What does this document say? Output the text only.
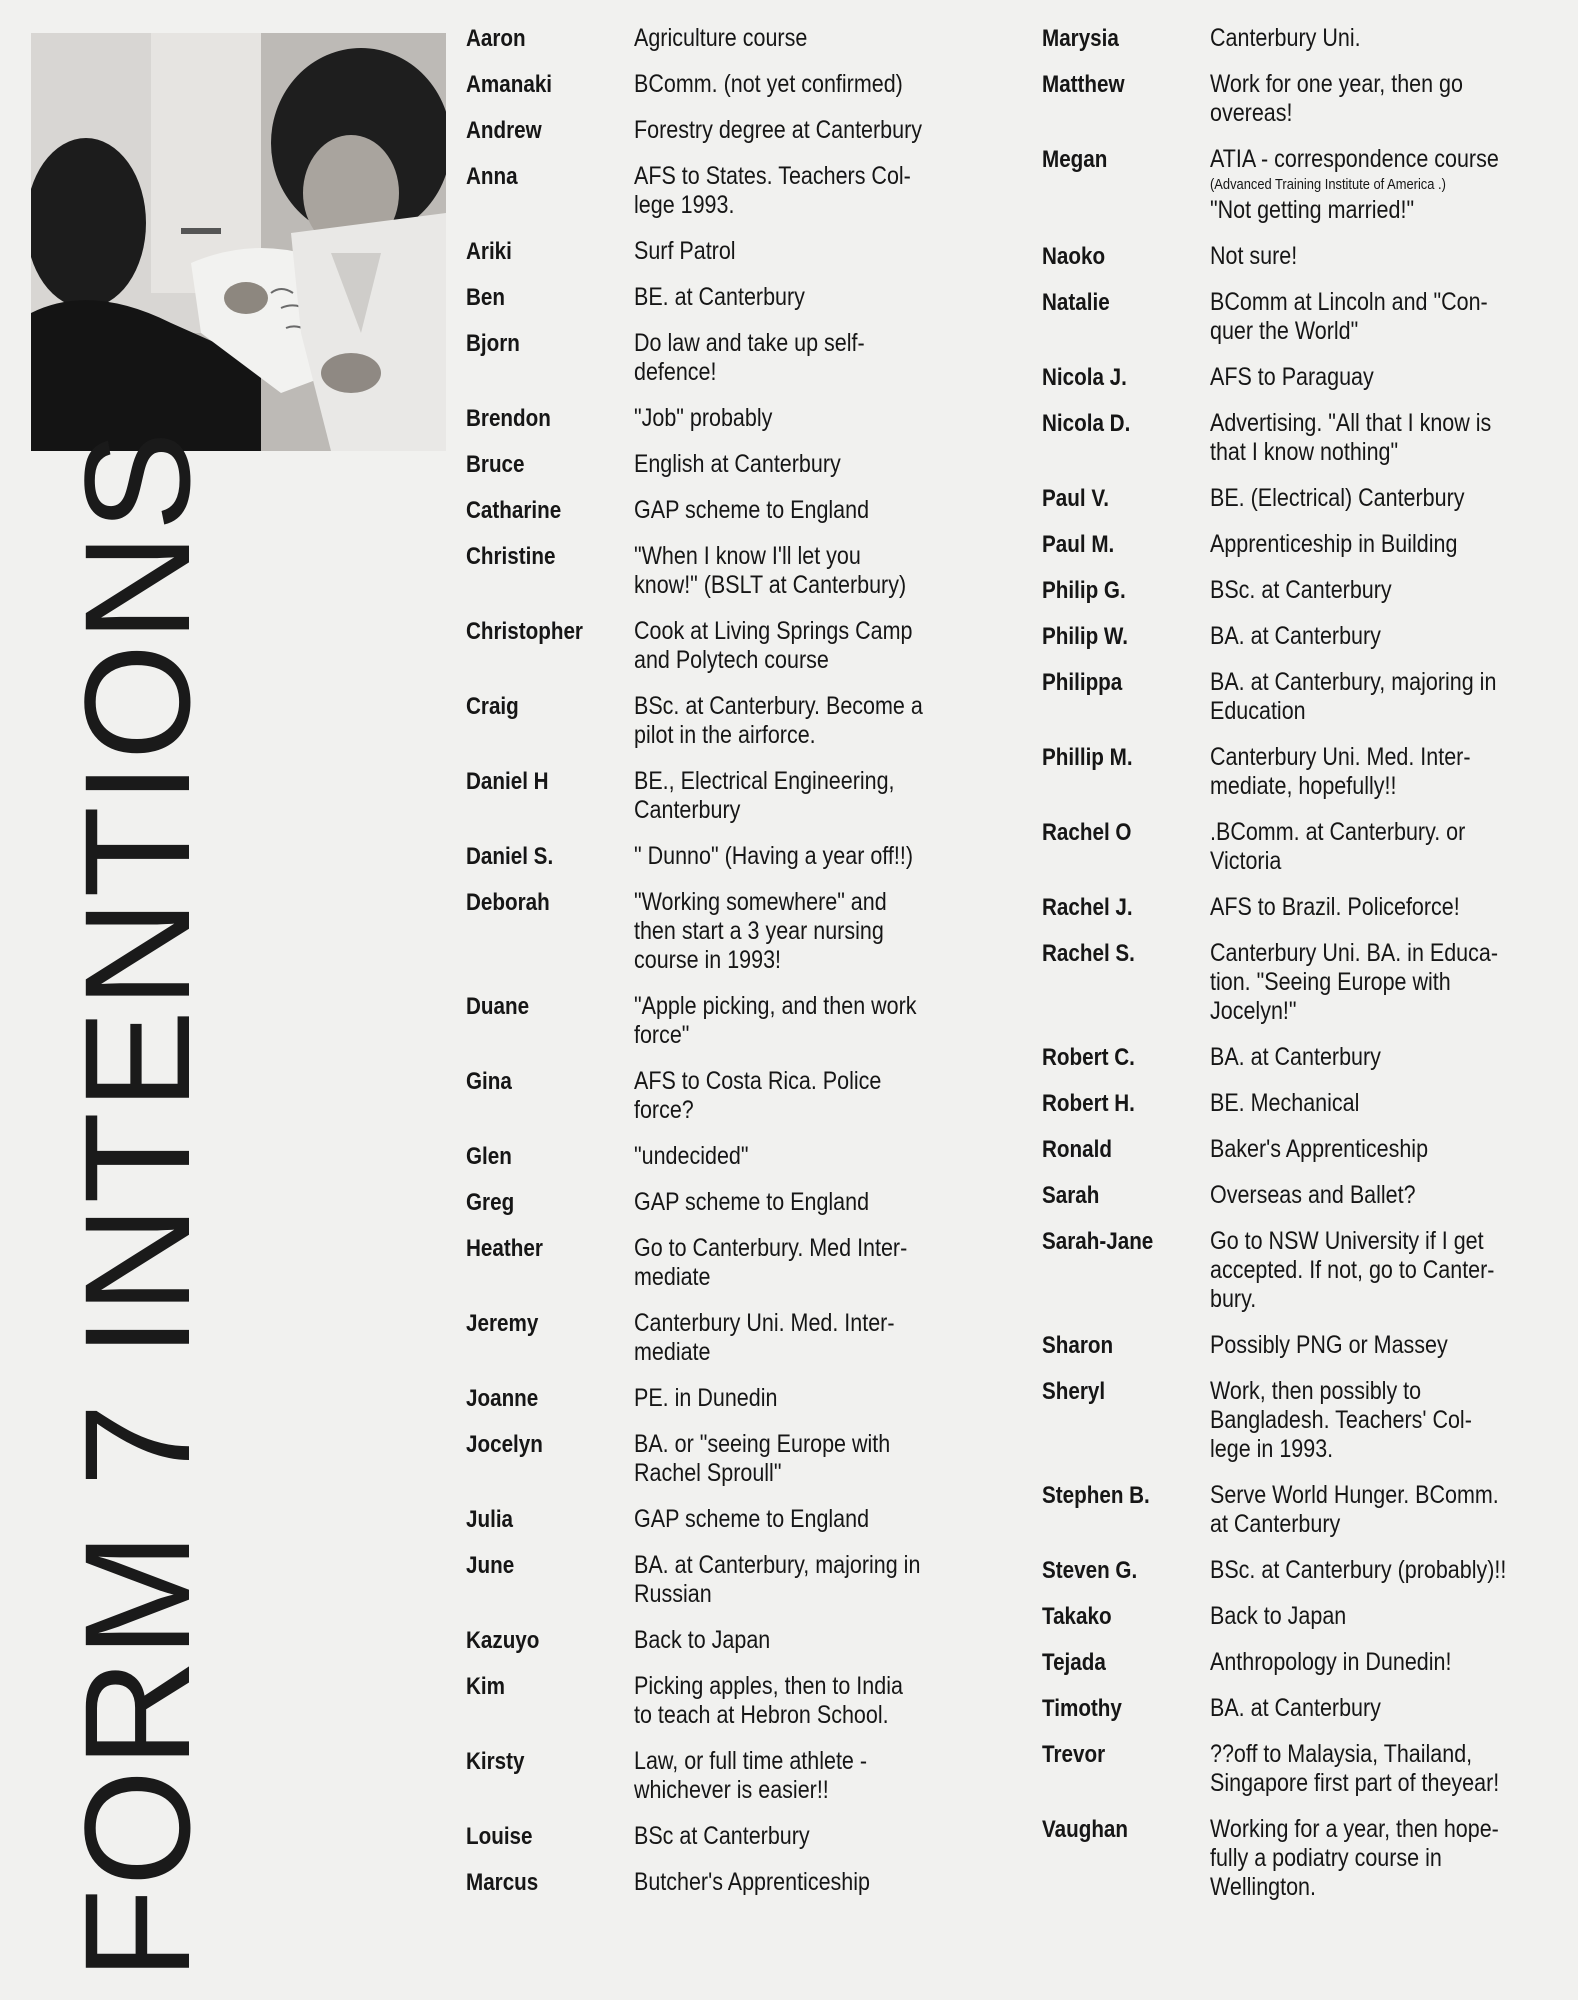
FORM 7 INTENTIONS
Aaron	Agriculture course
Amanaki	BComm. (not yet confirmed)
Andrew	Forestry degree at Canterbury
Anna	AFS to States. Teachers Col-
lege 1993.
Ariki	Surf Patrol
Ben	BE. at Canterbury
Bjorn	Do law and take up self-
defence!
Brendon	"Job" probably
Bruce	English at Canterbury
Catharine	GAP scheme to England
Christine	"When I know I'll let you
know!" (BSLT at Canterbury)
Christopher	Cook at Living Springs Camp
and Polytech course
Craig	BSc. at Canterbury. Become a
pilot in the airforce.
Daniel H	BE., Electrical Engineering,
Canterbury
Daniel S.	" Dunno" (Having a year off!!)
Deborah	"Working somewhere" and
then start a 3 year nursing
course in 1993!
Duane	"Apple picking, and then work
force"
Gina	AFS to Costa Rica. Police
force?
Glen	"undecided"
Greg	GAP scheme to England
Heather	Go to Canterbury. Med Inter-
mediate
Jeremy	Canterbury Uni. Med. Inter-
mediate
Joanne	PE. in Dunedin
Jocelyn	BA. or "seeing Europe with
Rachel Sproull"
Julia	GAP scheme to England
June	BA. at Canterbury, majoring in
Russian
Kazuyo	Back to Japan
Kim	Picking apples, then to India
to teach at Hebron School.
Kirsty	Law, or full time athlete -
whichever is easier!!
Louise	BSc at Canterbury
Marcus	Butcher's Apprenticeship
Marysia	Canterbury Uni.
Matthew	Work for one year, then go
overeas!
Megan	ATIA - correspondence course
(Advanced Training Institute of America .)
"Not getting married!"
Naoko	Not sure!
Natalie	BComm at Lincoln and "Con-
quer the World"
Nicola J.	AFS to Paraguay
Nicola D.	Advertising. "All that I know is
that I know nothing"
Paul V.	BE. (Electrical) Canterbury
Paul M.	Apprenticeship in Building
Philip G.	BSc. at Canterbury
Philip W.	BA. at Canterbury
Philippa	BA. at Canterbury, majoring in
Education
Phillip M.	Canterbury Uni. Med. Inter-
mediate, hopefully!!
Rachel O	.BComm. at Canterbury. or
Victoria
Rachel J.	AFS to Brazil. Policeforce!
Rachel S.	Canterbury Uni. BA. in Educa-
tion. "Seeing Europe with
Jocelyn!"
Robert C.	BA. at Canterbury
Robert H.	BE. Mechanical
Ronald	Baker's Apprenticeship
Sarah	Overseas and Ballet?
Sarah-Jane	Go to NSW University if I get
accepted. If not, go to Canter-
bury.
Sharon	Possibly PNG or Massey
Sheryl	Work, then possibly to
Bangladesh. Teachers' Col-
lege in 1993.
Stephen B.	Serve World Hunger. BComm.
at Canterbury
Steven G.	BSc. at Canterbury (probably)!!
Takako	Back to Japan
Tejada	Anthropology in Dunedin!
Timothy	BA. at Canterbury
Trevor	??off to Malaysia, Thailand,
Singapore first part of theyear!
Vaughan	Working for a year, then hope-
fully a podiatry course in
Wellington.
